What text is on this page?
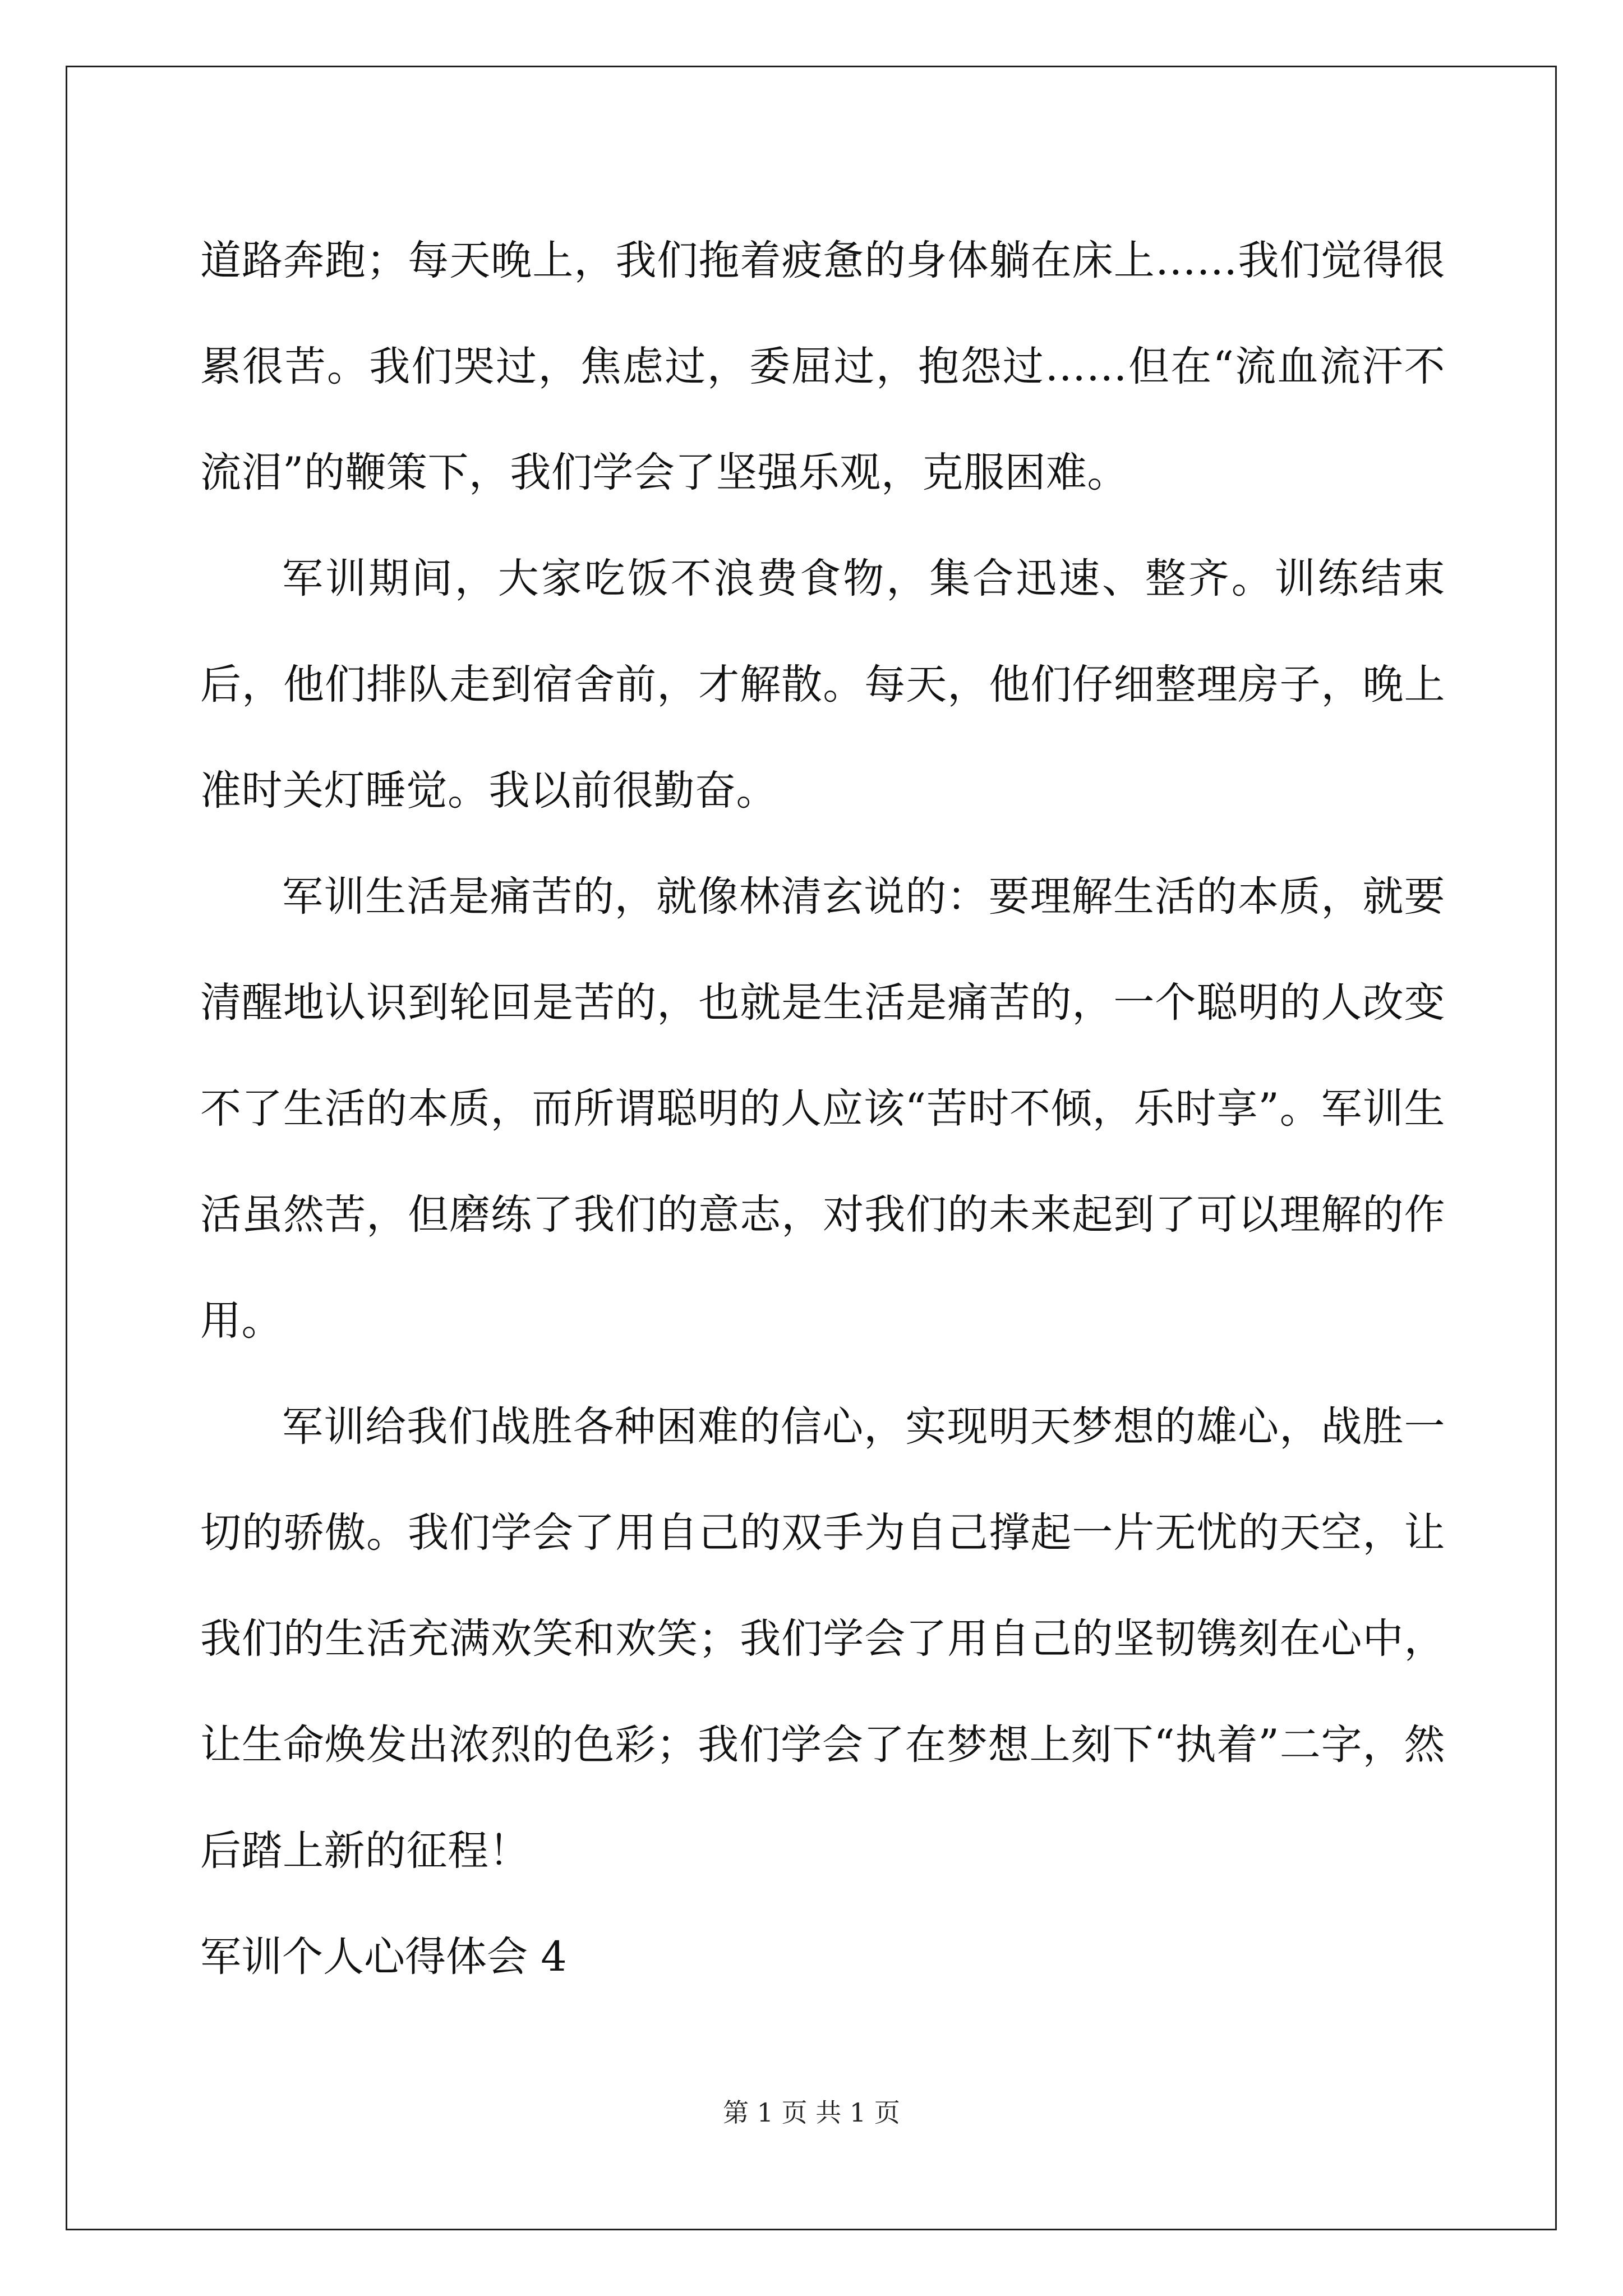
道路奔跑；每天晚上，我们拖着疲惫的身体躺在床上……我们觉得很累很苦。我们哭过，焦虑过，委屈过，抱怨过……但在“流血流汗不流泪”的鞭策下，我们学会了坚强乐观，克服困难。

军训期间，大家吃饭不浪费食物，集合迅速、整齐。训练结束后，他们排队走到宿舍前，才解散。每天，他们仔细整理房子，晚上准时关灯睡觉。我以前很勤奋。

军训生活是痛苦的，就像林清玄说的：要理解生活的本质，就要清醒地认识到轮回是苦的，也就是生活是痛苦的，一个聪明的人改变不了生活的本质，而所谓聪明的人应该“苦时不倾，乐时享”。军训生活虽然苦，但磨练了我们的意志，对我们的未来起到了可以理解的作用。

军训给我们战胜各种困难的信心，实现明天梦想的雄心，战胜一切的骄傲。我们学会了用自己的双手为自己撑起一片无忧的天空，让我们的生活充满欢笑和欢笑；我们学会了用自己的坚韧镌刻在心中，让生命焕发出浓烈的色彩；我们学会了在梦想上刻下“执着”二字，然后踏上新的征程！

军训个人心得体会 4

第 1 页 共 1 页
